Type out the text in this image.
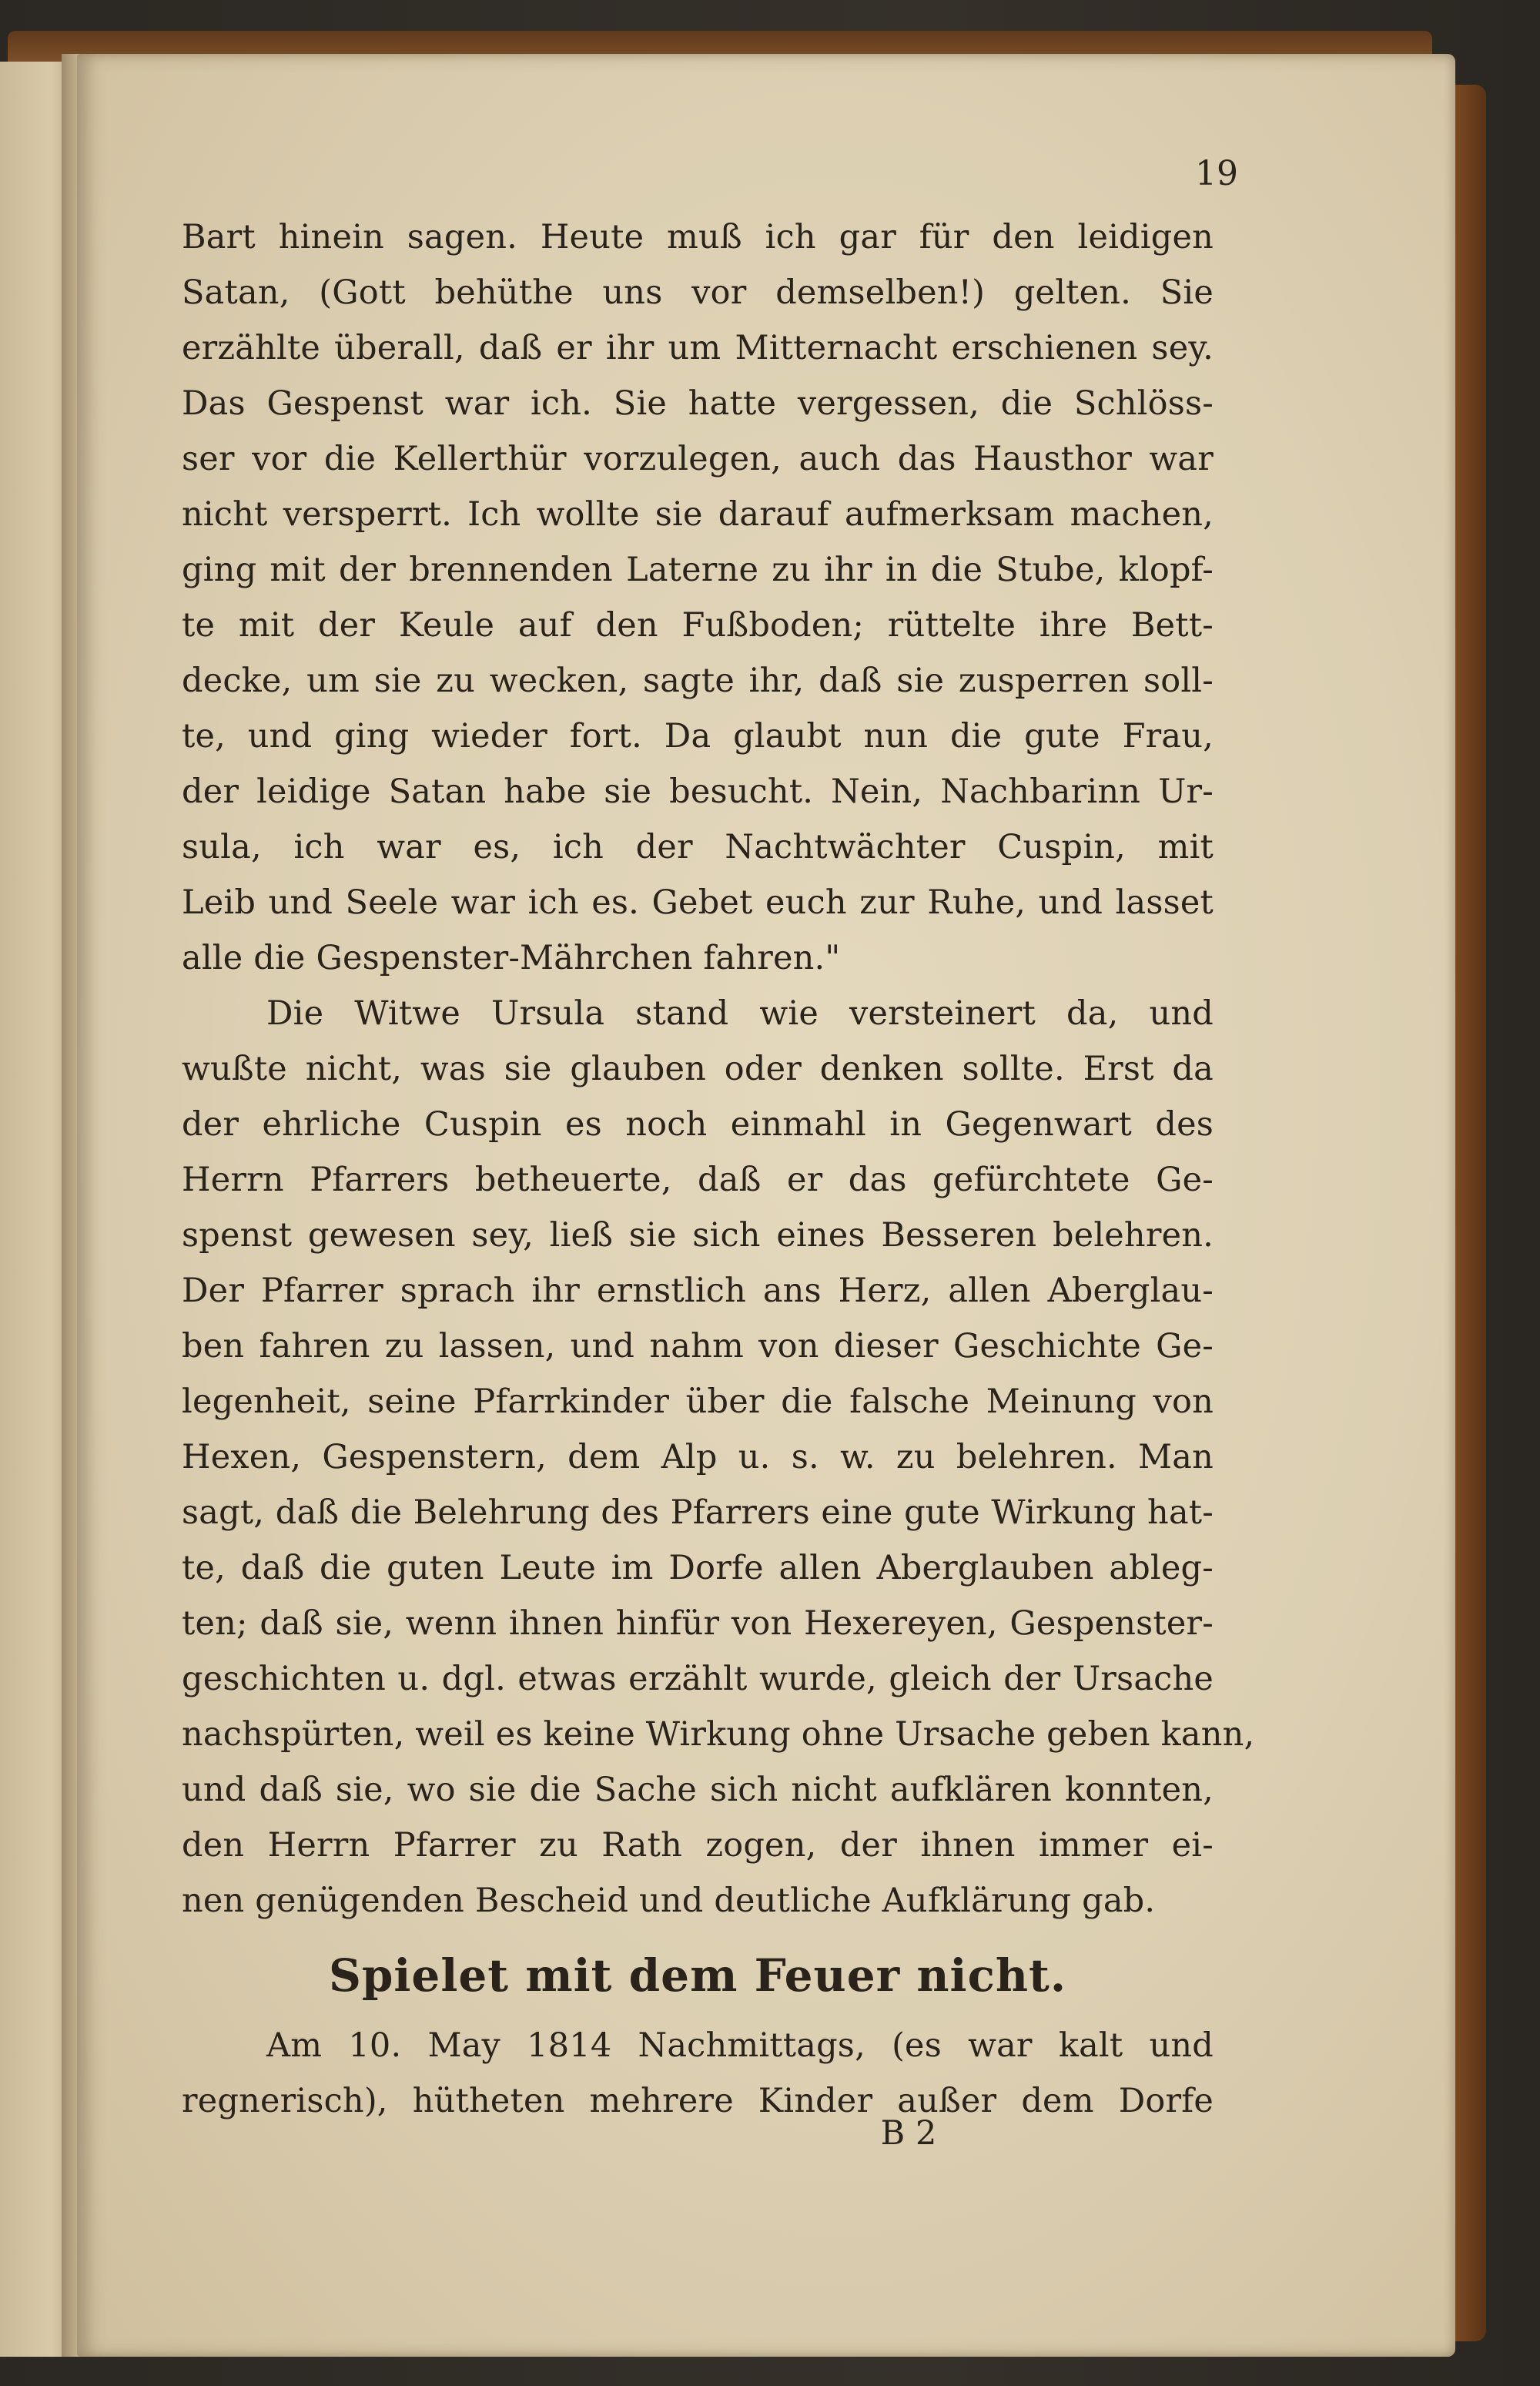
19
Bart hinein sagen. Heute muß ich gar für den leidigen
Satan, (Gott behüthe uns vor demselben!) gelten. Sie
erzählte überall, daß er ihr um Mitternacht erschienen sey.
Das Gespenst war ich. Sie hatte vergessen, die Schlöss-
ser vor die Kellerthür vorzulegen, auch das Hausthor war
nicht versperrt. Ich wollte sie darauf aufmerksam machen,
ging mit der brennenden Laterne zu ihr in die Stube, klopf-
te mit der Keule auf den Fußboden; rüttelte ihre Bett-
decke, um sie zu wecken, sagte ihr, daß sie zusperren soll-
te, und ging wieder fort. Da glaubt nun die gute Frau,
der leidige Satan habe sie besucht. Nein, Nachbarinn Ur-
sula, ich war es, ich der Nachtwächter Cuspin, mit
Leib und Seele war ich es. Gebet euch zur Ruhe, und lasset
alle die Gespenster-Mährchen fahren."
Die Witwe Ursula stand wie versteinert da, und
wußte nicht, was sie glauben oder denken sollte. Erst da
der ehrliche Cuspin es noch einmahl in Gegenwart des
Herrn Pfarrers betheuerte, daß er das gefürchtete Ge-
spenst gewesen sey, ließ sie sich eines Besseren belehren.
Der Pfarrer sprach ihr ernstlich ans Herz, allen Aberglau-
ben fahren zu lassen, und nahm von dieser Geschichte Ge-
legenheit, seine Pfarrkinder über die falsche Meinung von
Hexen, Gespenstern, dem Alp u. s. w. zu belehren. Man
sagt, daß die Belehrung des Pfarrers eine gute Wirkung hat-
te, daß die guten Leute im Dorfe allen Aberglauben ableg-
ten; daß sie, wenn ihnen hinfür von Hexereyen, Gespenster-
geschichten u. dgl. etwas erzählt wurde, gleich der Ursache
nachspürten, weil es keine Wirkung ohne Ursache geben kann,
und daß sie, wo sie die Sache sich nicht aufklären konnten,
den Herrn Pfarrer zu Rath zogen, der ihnen immer ei-
nen genügenden Bescheid und deutliche Aufklärung gab.
Spielet mit dem Feuer nicht.
Am 10. May 1814 Nachmittags, (es war kalt und
regnerisch), hütheten mehrere Kinder außer dem Dorfe
B 2
